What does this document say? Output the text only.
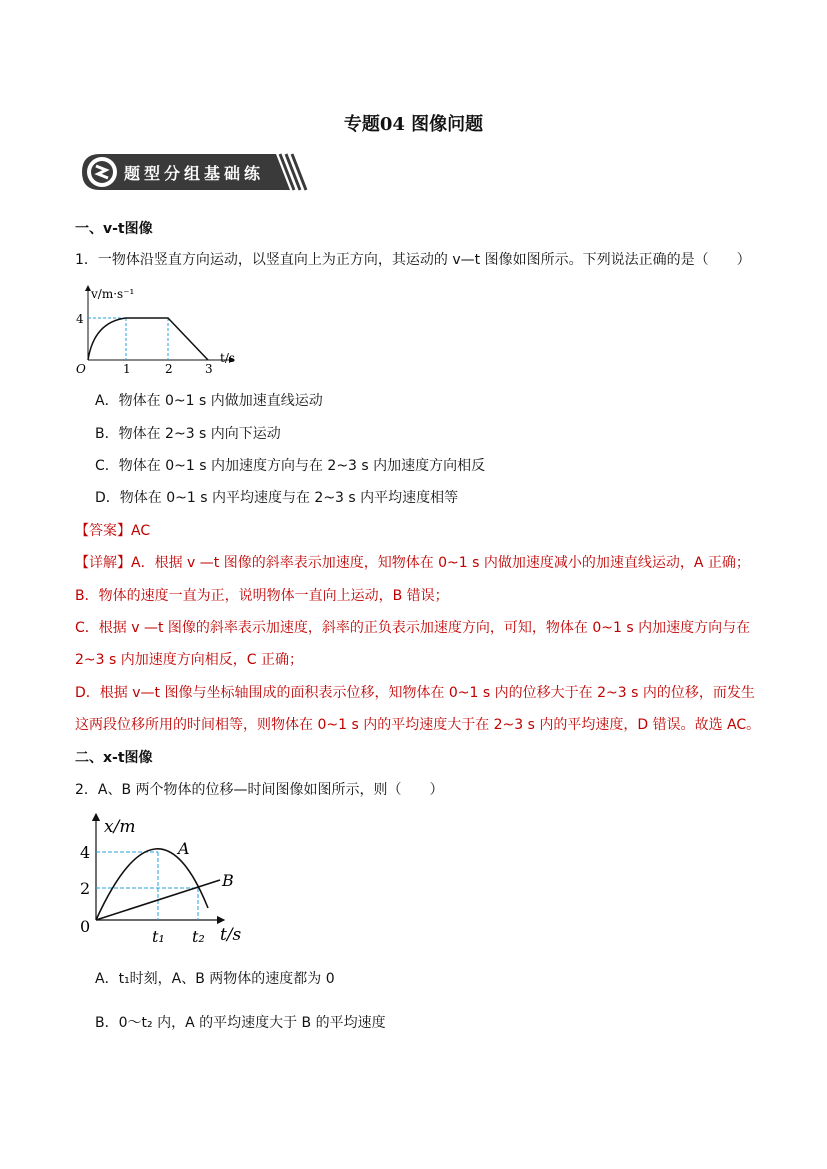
专题04 图像问题
题型分组基础练
一、v-t图像
1．一物体沿竖直方向运动，以竖直向上为正方向，其运动的 v—t 图像如图所示。下列说法正确的是（　　）
v/m·s⁻¹
4
O	1	2	3
t/s
A．物体在 0~1 s 内做加速直线运动
B．物体在 2~3 s 内向下运动
C．物体在 0~1 s 内加速度方向与在 2~3 s 内加速度方向相反
D．物体在 0~1 s 内平均速度与在 2~3 s 内平均速度相等
【答案】AC
【详解】A．根据 v —t 图像的斜率表示加速度，知物体在 0~1 s 内做加速度减小的加速直线运动，A 正确；
B．物体的速度一直为正，说明物体一直向上运动，B 错误；
C．根据 v —t 图像的斜率表示加速度，斜率的正负表示加速度方向，可知，物体在 0~1 s 内加速度方向与在
2~3 s 内加速度方向相反，C 正确；
D．根据 v—t 图像与坐标轴围成的面积表示位移，知物体在 0~1 s 内的位移大于在 2~3 s 内的位移，而发生
这两段位移所用的时间相等，则物体在 0~1 s 内的平均速度大于在 2~3 s 内的平均速度，D 错误。故选 AC。
二、x-t图像
2．A、B 两个物体的位移—时间图像如图所示，则（　　）
x/m
4
2
0
t₁ t₂ t/s
A
B
A．t₁时刻，A、B 两物体的速度都为 0
B．0～t₂ 内，A 的平均速度大于 B 的平均速度
